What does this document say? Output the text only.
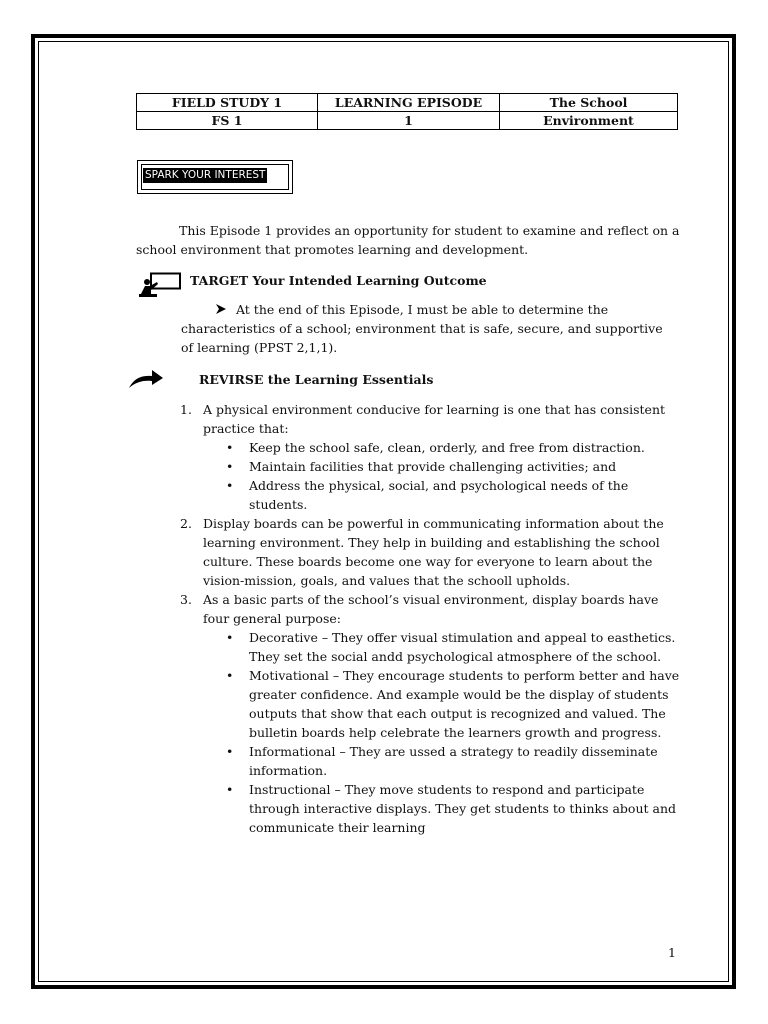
FIELD STUDY 1	LEARNING EPISODE	The School
FS 1	1	Environment
SPARK YOUR INTEREST
This Episode 1 provides an opportunity for student to examine and reflect on a school environment that promotes learning and development.
TARGET Your Intended Learning Outcome
At the end of this Episode, I must be able to determine the
characteristics of a school; environment that is safe, secure, and supportive
of learning (PPST 2,1,1).
REVIRSE the Learning Essentials
1. A physical environment conducive for learning is one that has consistent practice that:
• Keep the school safe, clean, orderly, and free from distraction.
• Maintain facilities that provide challenging activities; and
• Address the physical, social, and psychological needs of the students.
2. Display boards can be powerful in communicating information about the learning environment. They help in building and establishing the school culture. These boards become one way for everyone to learn about the vision-mission, goals, and values that the schooll upholds.
3. As a basic parts of the school’s visual environment, display boards have four general purpose:
• Decorative – They offer visual stimulation and appeal to easthetics. They set the social andd psychological atmosphere of the school.
• Motivational – They encourage students to perform better and have greater confidence. And example would be the display of students outputs that show that each output is recognized and valued. The bulletin boards help celebrate the learners growth and progress.
• Informational – They are ussed a strategy to readily disseminate information.
• Instructional – They move students to respond and participate through interactive displays. They get students to thinks about and communicate their learning
1
